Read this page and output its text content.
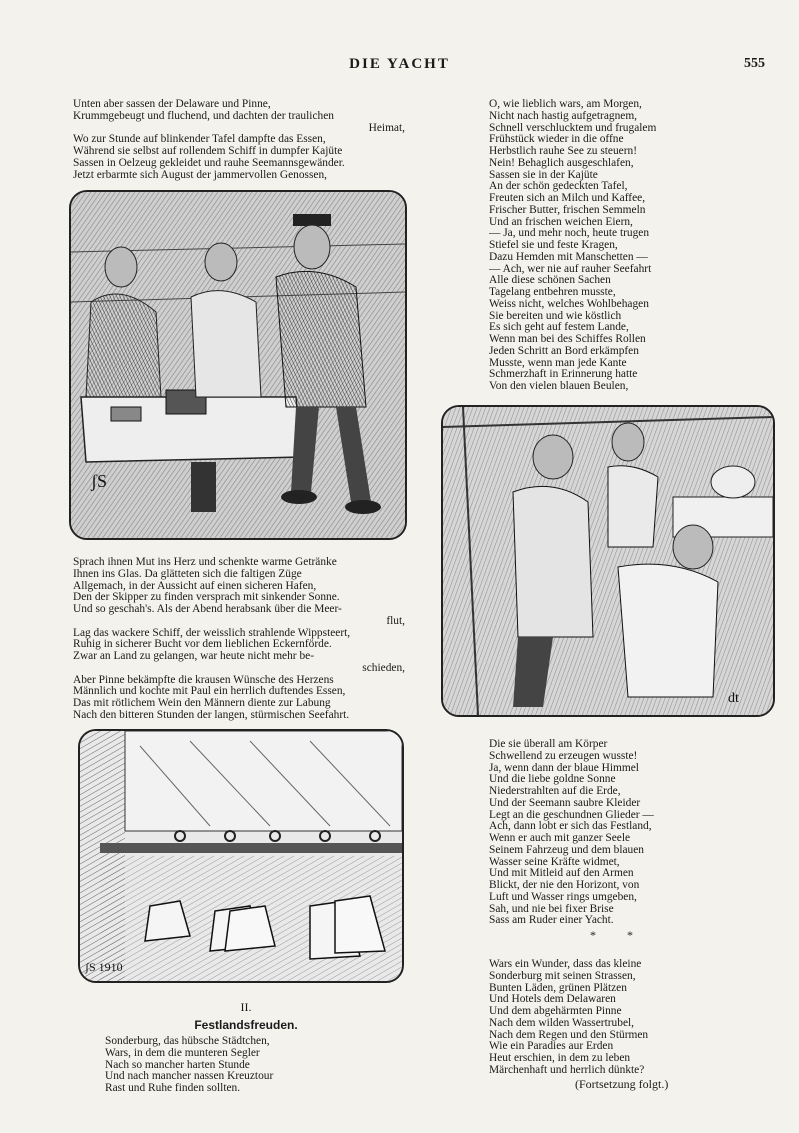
DIE YACHT	555
Unten aber sassen der Delaware und Pinne,
Krummgebeugt und fluchend, und dachten der traulichen
Heimat,
Wo zur Stunde auf blinkender Tafel dampfte das Essen,
Während sie selbst auf rollendem Schiff in dumpfer Kajüte
Sassen in Oelzeug gekleidet und rauhe Seemannsgewänder.
Jetzt erbarmte sich August der jammervollen Genossen,
ʃS
Sprach ihnen Mut ins Herz und schenkte warme Getränke
Ihnen ins Glas. Da glätteten sich die faltigen Züge
Allgemach, in der Aussicht auf einen sicheren Hafen,
Den der Skipper zu finden versprach mit sinkender Sonne.
Und so geschah's. Als der Abend herabsank über die Meer-
flut,
Lag das wackere Schiff, der weisslich strahlende Wippsteert,
Ruhig in sicherer Bucht vor dem lieblichen Eckernförde.
Zwar an Land zu gelangen, war heute nicht mehr be-
schieden,
Aber Pinne bekämpfte die krausen Wünsche des Herzens
Männlich und kochte mit Paul ein herrlich duftendes Essen,
Das mit rötlichem Wein den Männern diente zur Labung
Nach den bitteren Stunden der langen, stürmischen Seefahrt.
ʃS 1910
II.
Festlandsfreuden.
Sonderburg, das hübsche Städtchen,
Wars, in dem die munteren Segler
Nach so mancher harten Stunde
Und nach mancher nassen Kreuztour
Rast und Ruhe finden sollten.
O, wie lieblich wars, am Morgen,
Nicht nach hastig aufgetragnem,
Schnell verschlucktem und frugalem
Frühstück wieder in die offne
Herbstlich rauhe See zu steuern!
Nein! Behaglich ausgeschlafen,
Sassen sie in der Kajüte
An der schön gedeckten Tafel,
Freuten sich an Milch und Kaffee,
Frischer Butter, frischen Semmeln
Und an frischen weichen Eiern,
— Ja, und mehr noch, heute trugen
Stiefel sie und feste Kragen,
Dazu Hemden mit Manschetten —
— Ach, wer nie auf rauher Seefahrt
Alle diese schönen Sachen
Tagelang entbehren musste,
Weiss nicht, welches Wohlbehagen
Sie bereiten und wie köstlich
Es sich geht auf festem Lande,
Wenn man bei des Schiffes Rollen
Jeden Schritt an Bord erkämpfen
Musste, wenn man jede Kante
Schmerzhaft in Erinnerung hatte
Von den vielen blauen Beulen,
dt
Die sie überall am Körper
Schwellend zu erzeugen wusste!
Ja, wenn dann der blaue Himmel
Und die liebe goldne Sonne
Niederstrahlten auf die Erde,
Und der Seemann saubre Kleider
Legt an die geschundnen Glieder —
Ach, dann lobt er sich das Festland,
Wenn er auch mit ganzer Seele
Seinem Fahrzeug und dem blauen
Wasser seine Kräfte widmet,
Und mit Mitleid auf den Armen
Blickt, der nie den Horizont, von
Luft und Wasser rings umgeben,
Sah, und nie bei fixer Brise
Sass am Ruder einer Yacht.
* *
Wars ein Wunder, dass das kleine
Sonderburg mit seinen Strassen,
Bunten Läden, grünen Plätzen
Und Hotels dem Delawaren
Und dem abgehärmten Pinne
Nach dem wilden Wassertrubel,
Nach dem Regen und den Stürmen
Wie ein Paradies aur Erden
Heut erschien, in dem zu leben
Märchenhaft und herrlich dünkte?
(Fortsetzung folgt.)
